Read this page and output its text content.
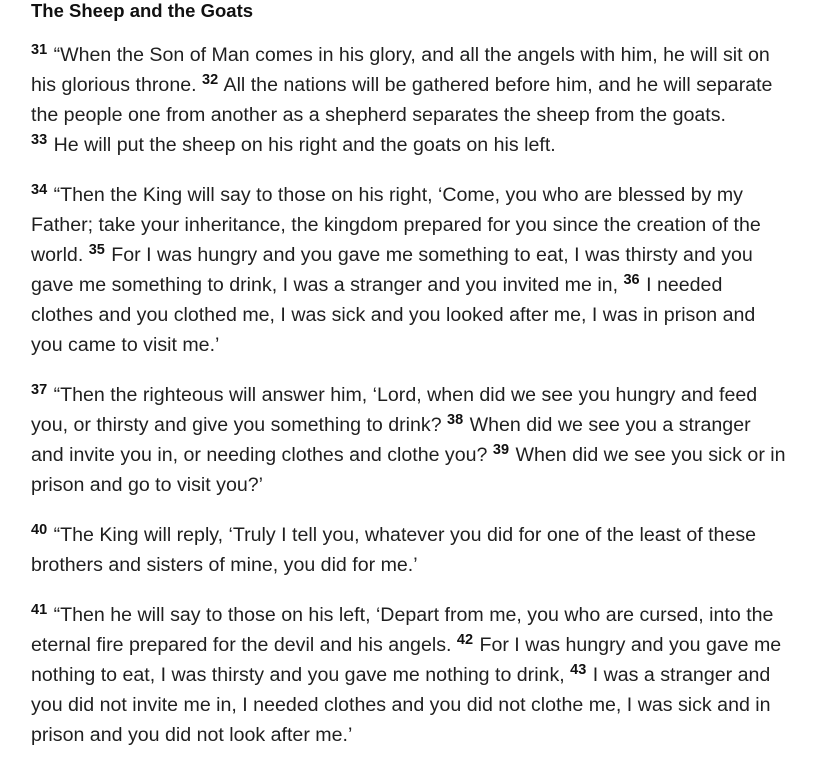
The Sheep and the Goats

$^{31}$ “When the Son of Man comes in his glory, and all the angels with him, he will sit on
his glorious throne. $^{32}$ All the nations will be gathered before him, and he will separate
the people one from another as a shepherd separates the sheep from the goats.
$^{33}$ He will put the sheep on his right and the goats on his left.

$^{34}$ “Then the King will say to those on his right, ‘Come, you who are blessed by my
Father; take your inheritance, the kingdom prepared for you since the creation of the
world. $^{35}$ For I was hungry and you gave me something to eat, I was thirsty and you
gave me something to drink, I was a stranger and you invited me in, $^{36}$ I needed
clothes and you clothed me, I was sick and you looked after me, I was in prison and
you came to visit me.’

$^{37}$ “Then the righteous will answer him, ‘Lord, when did we see you hungry and feed
you, or thirsty and give you something to drink? $^{38}$ When did we see you a stranger
and invite you in, or needing clothes and clothe you? $^{39}$ When did we see you sick or in
prison and go to visit you?’

$^{40}$ “The King will reply, ‘Truly I tell you, whatever you did for one of the least of these
brothers and sisters of mine, you did for me.’

$^{41}$ “Then he will say to those on his left, ‘Depart from me, you who are cursed, into the
eternal fire prepared for the devil and his angels. $^{42}$ For I was hungry and you gave me
nothing to eat, I was thirsty and you gave me nothing to drink, $^{43}$ I was a stranger and
you did not invite me in, I needed clothes and you did not clothe me, I was sick and in
prison and you did not look after me.’
